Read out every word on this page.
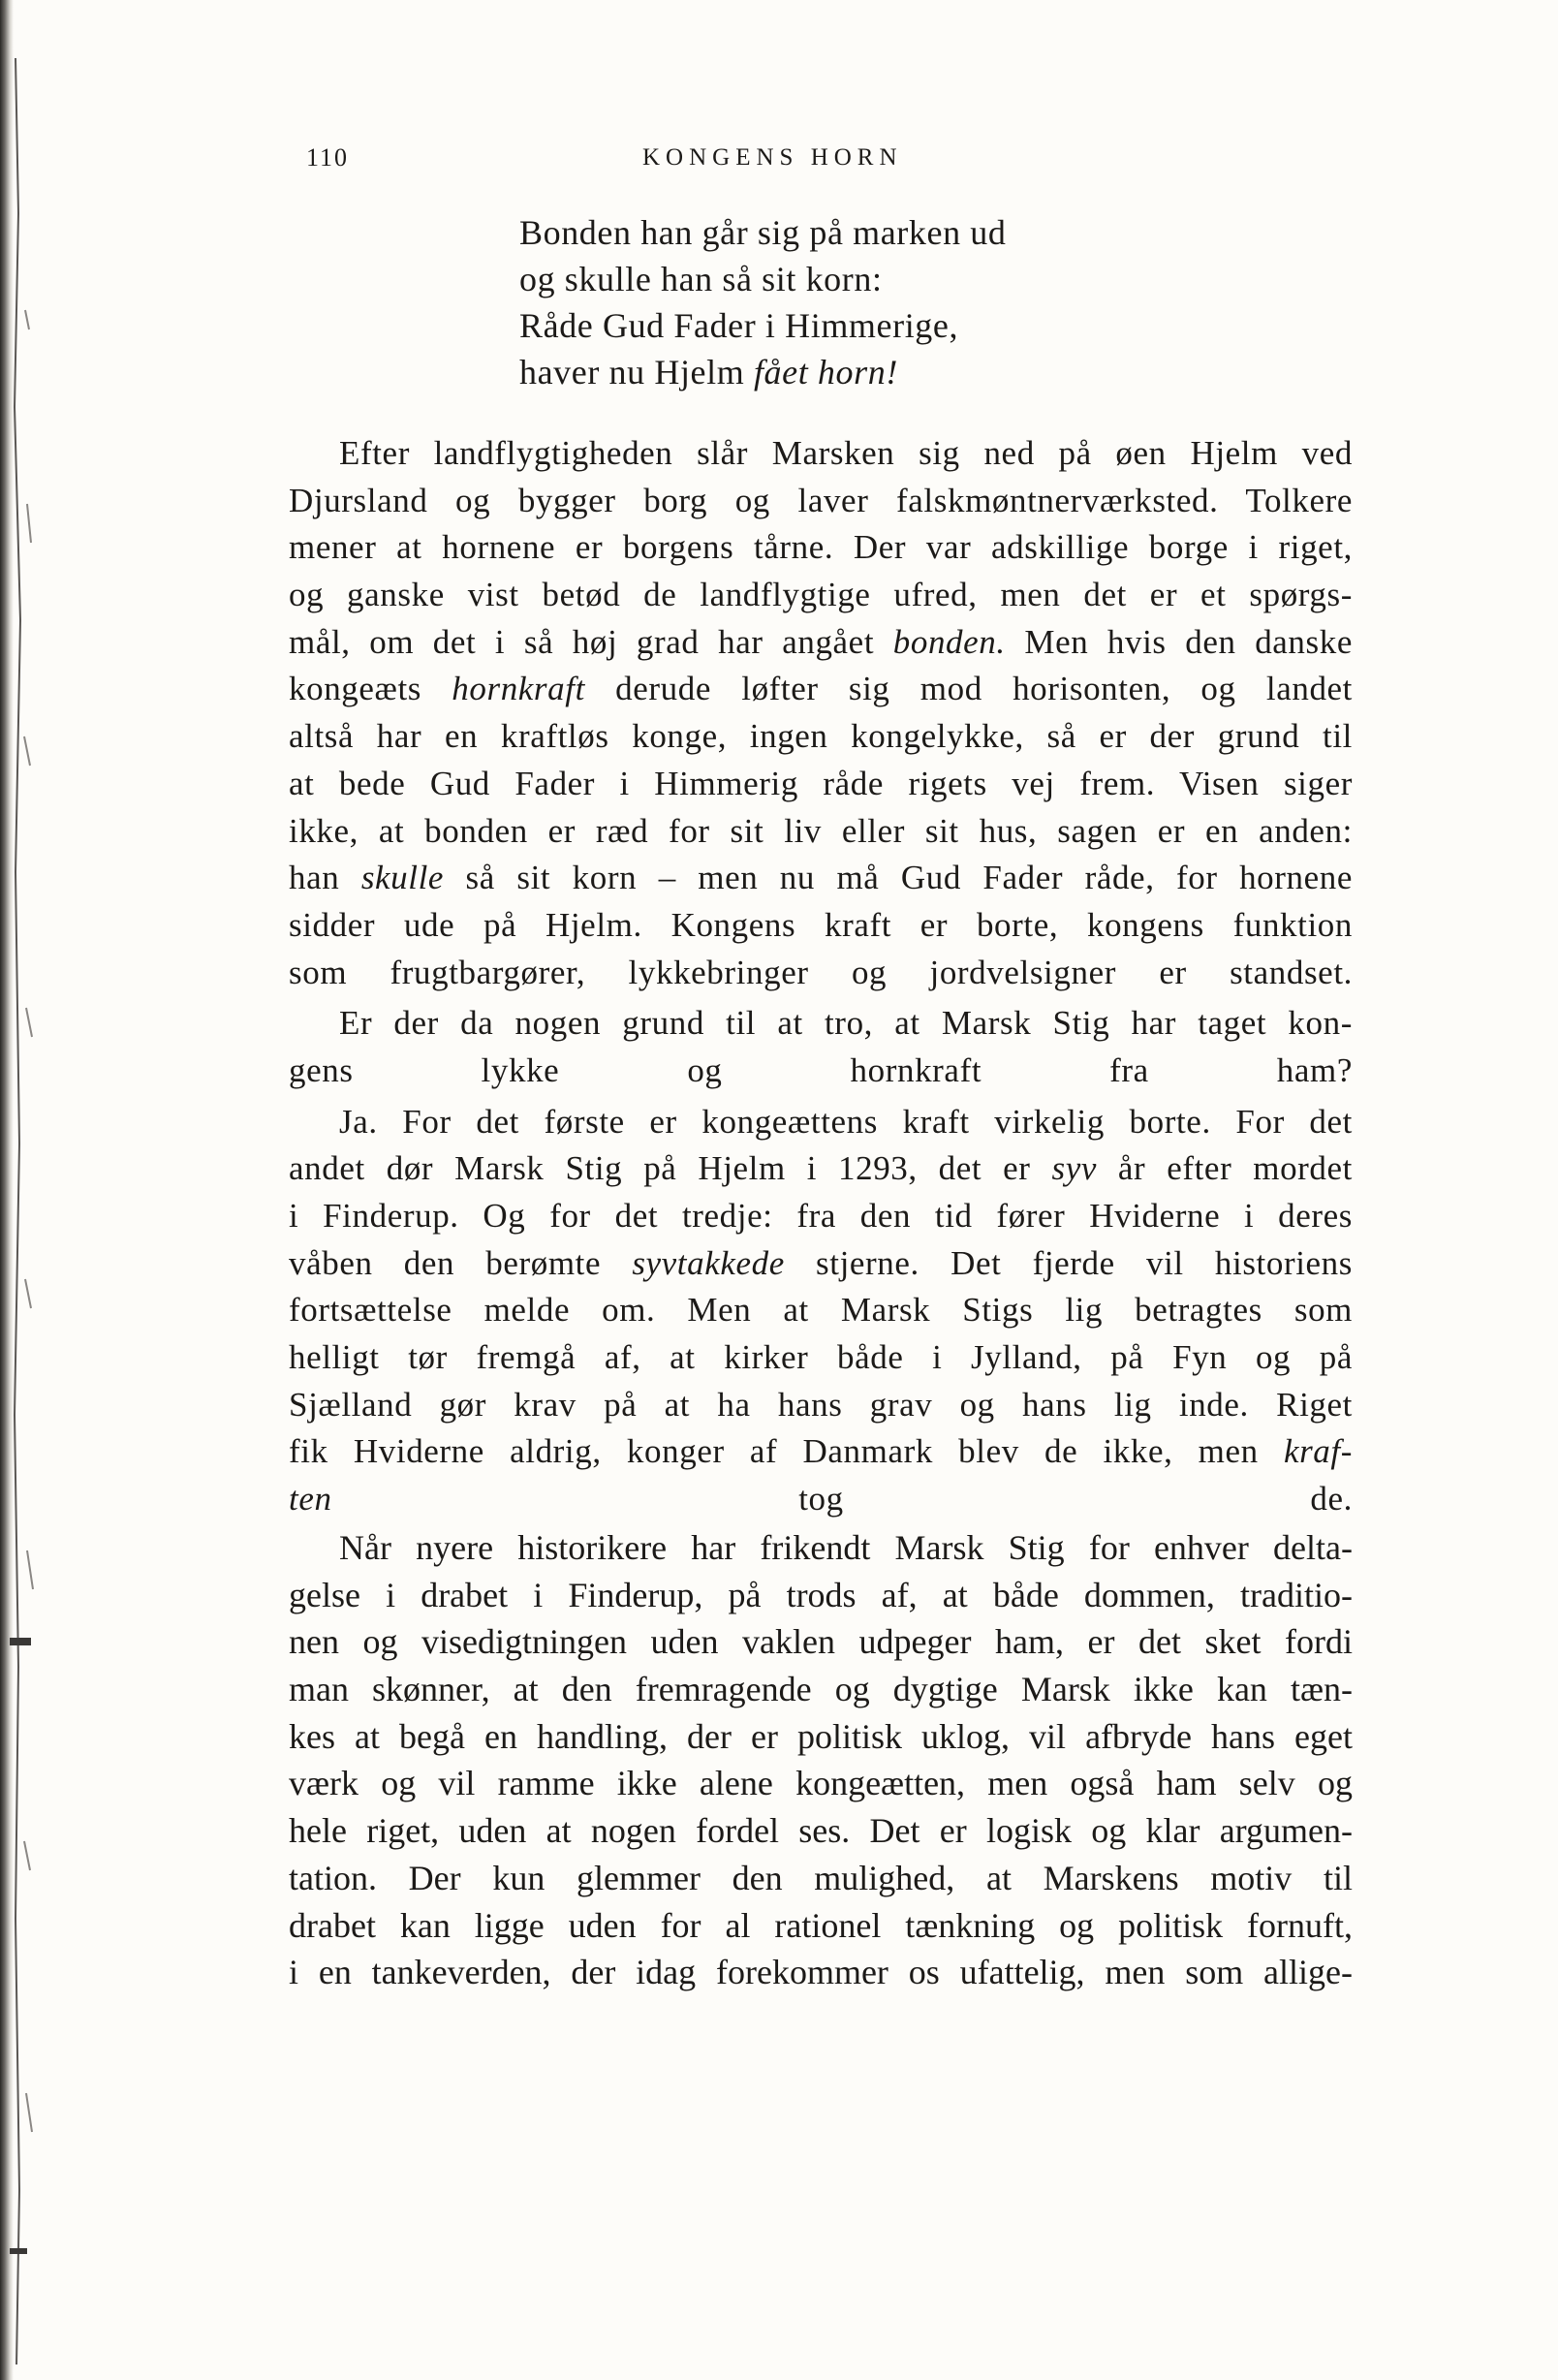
110	KONGENS HORN
Bonden han går sig på marken ud
og skulle han så sit korn:
Råde Gud Fader i Himmerige,
haver nu Hjelm fået horn!
Efter landflygtigheden slår Marsken sig ned på øen Hjelm ved
Djursland og bygger borg og laver falskmøntnerværksted. Tolkere
mener at hornene er borgens tårne. Der var adskillige borge i riget,
og ganske vist betød de landflygtige ufred, men det er et spørgs-
mål, om det i så høj grad har angået bonden. Men hvis den danske
kongeæts hornkraft derude løfter sig mod horisonten, og landet
altså har en kraftløs konge, ingen kongelykke, så er der grund til
at bede Gud Fader i Himmerig råde rigets vej frem. Visen siger
ikke, at bonden er ræd for sit liv eller sit hus, sagen er en anden:
han skulle så sit korn – men nu må Gud Fader råde, for hornene
sidder ude på Hjelm. Kongens kraft er borte, kongens funktion
som frugtbargører, lykkebringer og jordvelsigner er standset.
Er der da nogen grund til at tro, at Marsk Stig har taget kon-
gens lykke og hornkraft fra ham?
Ja. For det første er kongeættens kraft virkelig borte. For det
andet dør Marsk Stig på Hjelm i 1293, det er syv år efter mordet
i Finderup. Og for det tredje: fra den tid fører Hviderne i deres
våben den berømte syvtakkede stjerne. Det fjerde vil historiens
fortsættelse melde om. Men at Marsk Stigs lig betragtes som
helligt tør fremgå af, at kirker både i Jylland, på Fyn og på
Sjælland gør krav på at ha hans grav og hans lig inde. Riget
fik Hviderne aldrig, konger af Danmark blev de ikke, men kraf-
ten	tog de.
Når nyere historikere har frikendt Marsk Stig for enhver delta-
gelse i drabet i Finderup, på trods af, at både dommen, traditio-
nen og visedigtningen uden vaklen udpeger ham, er det sket fordi
man skønner, at den fremragende og dygtige Marsk ikke kan tæn-
kes at begå en handling, der er politisk uklog, vil afbryde hans eget
værk og vil ramme ikke alene kongeætten, men også ham selv og
hele riget, uden at nogen fordel ses. Det er logisk og klar argumen-
tation. Der kun glemmer den mulighed, at Marskens motiv til
drabet kan ligge uden for al rationel tænkning og politisk fornuft,
i en tankeverden, der idag forekommer os ufattelig, men som allige-
